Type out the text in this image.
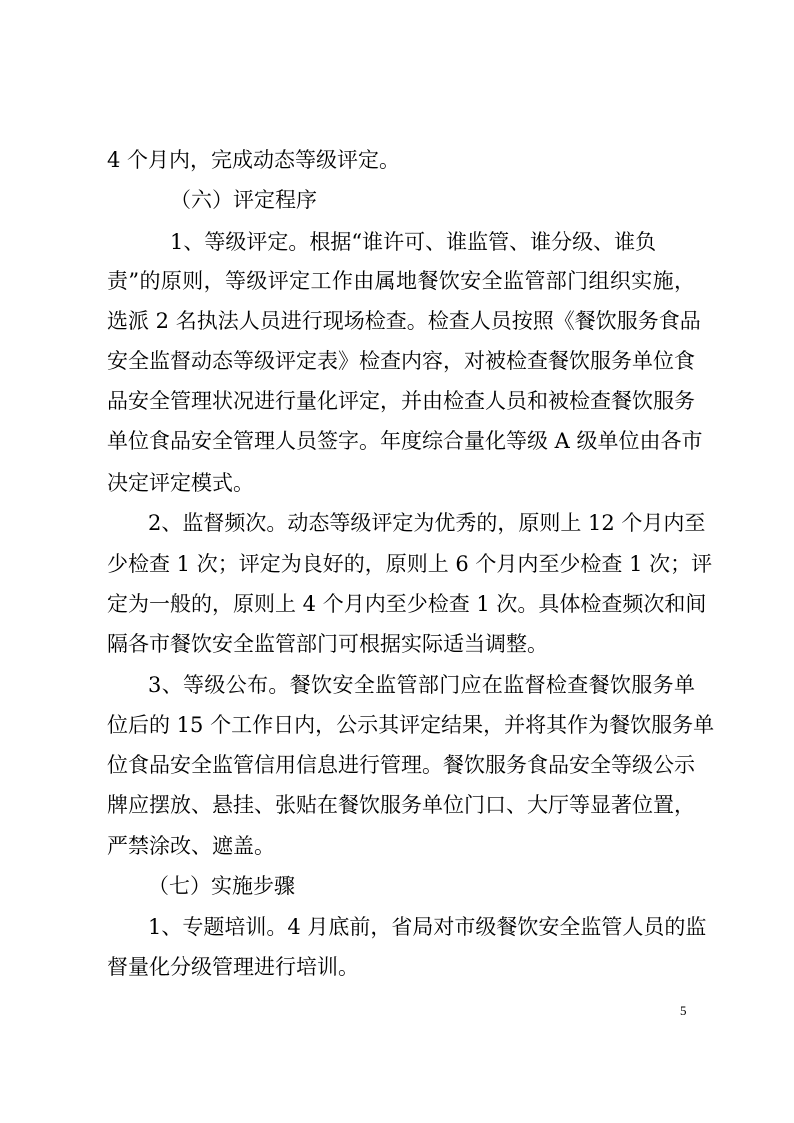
4 个月内，完成动态等级评定。
（六）评定程序
1、等级评定。根据“谁许可、谁监管、谁分级、谁负
责”的原则，等级评定工作由属地餐饮安全监管部门组织实施，
选派 2 名执法人员进行现场检查。检查人员按照《餐饮服务食品
安全监督动态等级评定表》检查内容，对被检查餐饮服务单位食
品安全管理状况进行量化评定，并由检查人员和被检查餐饮服务
单位食品安全管理人员签字。年度综合量化等级 A 级单位由各市
决定评定模式。
2、监督频次。动态等级评定为优秀的，原则上 12 个月内至
少检查 1 次；评定为良好的，原则上 6 个月内至少检查 1 次；评
定为一般的，原则上 4 个月内至少检查 1 次。具体检查频次和间
隔各市餐饮安全监管部门可根据实际适当调整。
3、等级公布。餐饮安全监管部门应在监督检查餐饮服务单
位后的 15 个工作日内，公示其评定结果，并将其作为餐饮服务单
位食品安全监管信用信息进行管理。餐饮服务食品安全等级公示
牌应摆放、悬挂、张贴在餐饮服务单位门口、大厅等显著位置，
严禁涂改、遮盖。
（七）实施步骤
1、专题培训。4 月底前，省局对市级餐饮安全监管人员的监
督量化分级管理进行培训。
5
